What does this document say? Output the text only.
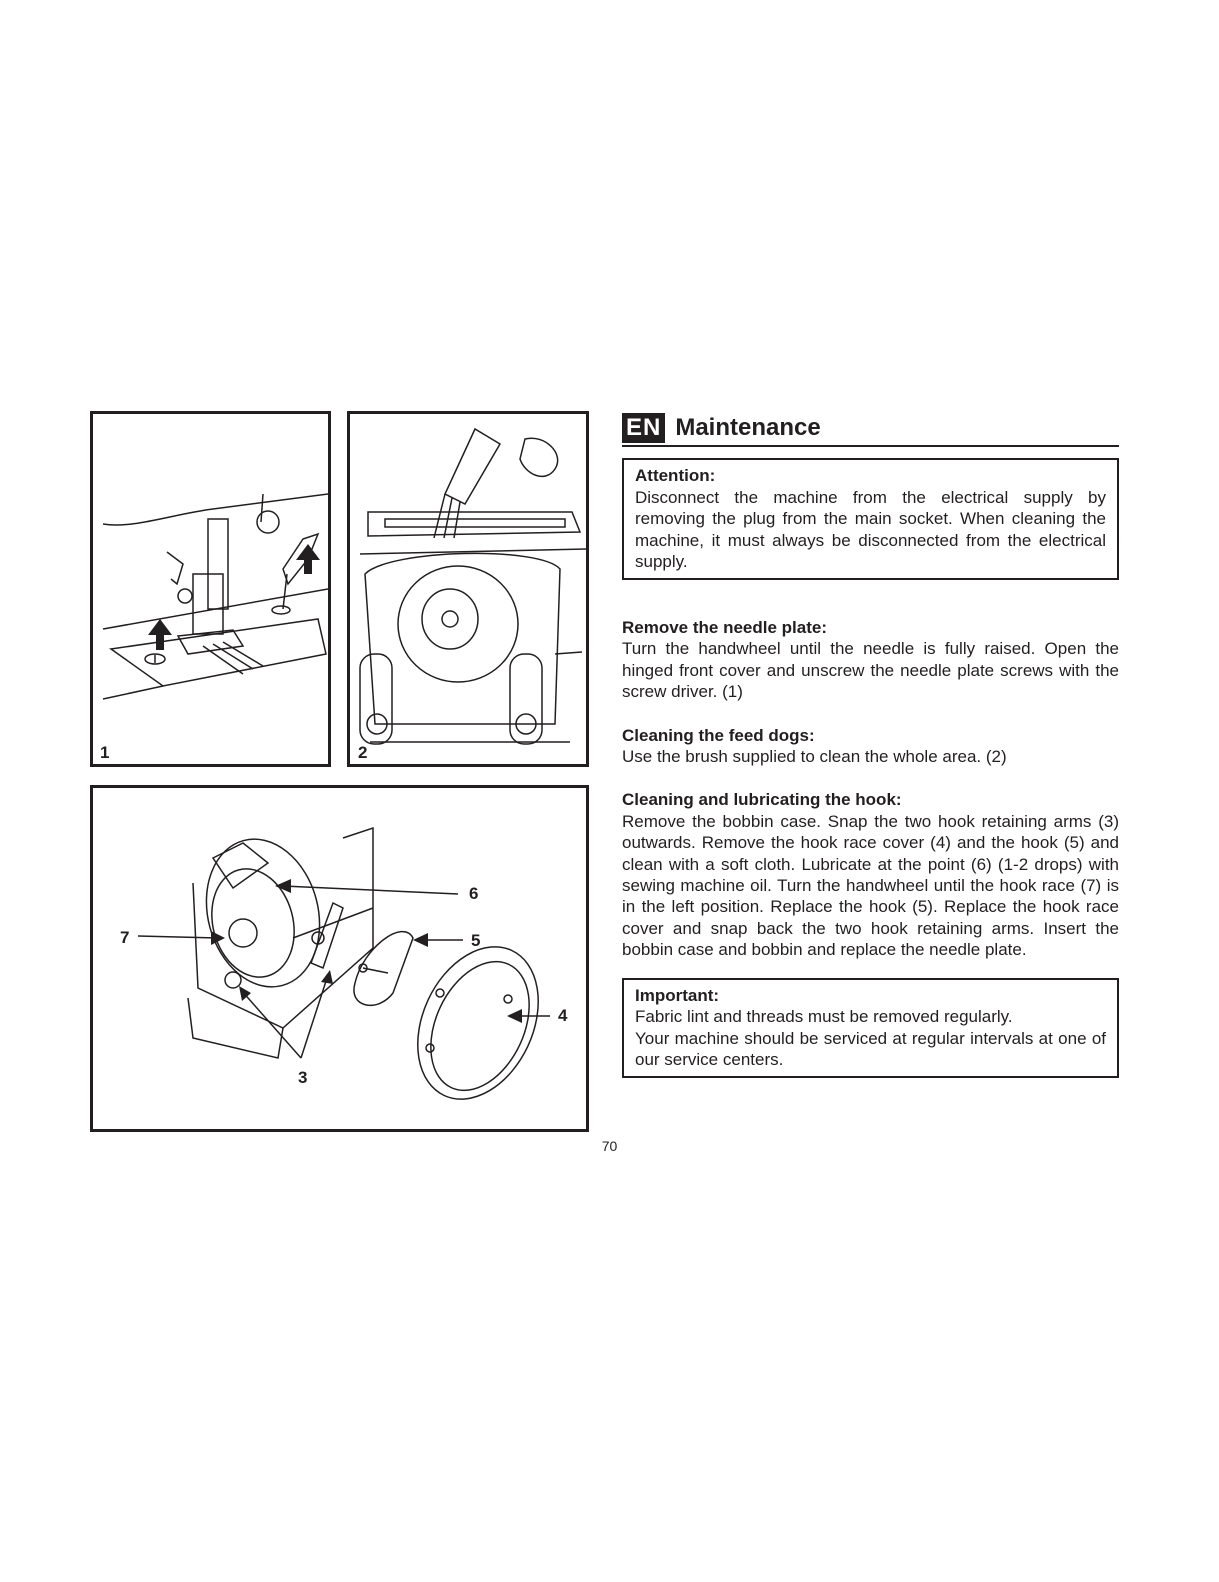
1	2
6
7	5
4
3
EN Maintenance
Attention:

Disconnect the machine from the electrical supply by removing the plug from the main socket. When cleaning the machine, it must always be disconnected from the electrical supply.

Remove the needle plate:

Turn the handwheel until the needle is fully raised. Open the hinged front cover and unscrew the needle plate screws with the screw driver. (1)

Cleaning the feed dogs:

Use the brush supplied to clean the whole area. (2)

Cleaning and lubricating the hook:

Remove the bobbin case. Snap the two hook retaining arms (3) outwards. Remove the hook race cover (4) and the hook (5) and clean with a soft cloth. Lubricate at the point (6) (1-2 drops) with sewing machine oil. Turn the handwheel until the hook race (7) is in the left position. Replace the hook (5). Replace the hook race cover and snap back the two hook retaining arms. Insert the bobbin case and bobbin and replace the needle plate.

Important:

Fabric lint and threads must be removed regularly.

Your machine should be serviced at regular intervals at one of our service centers.

70
